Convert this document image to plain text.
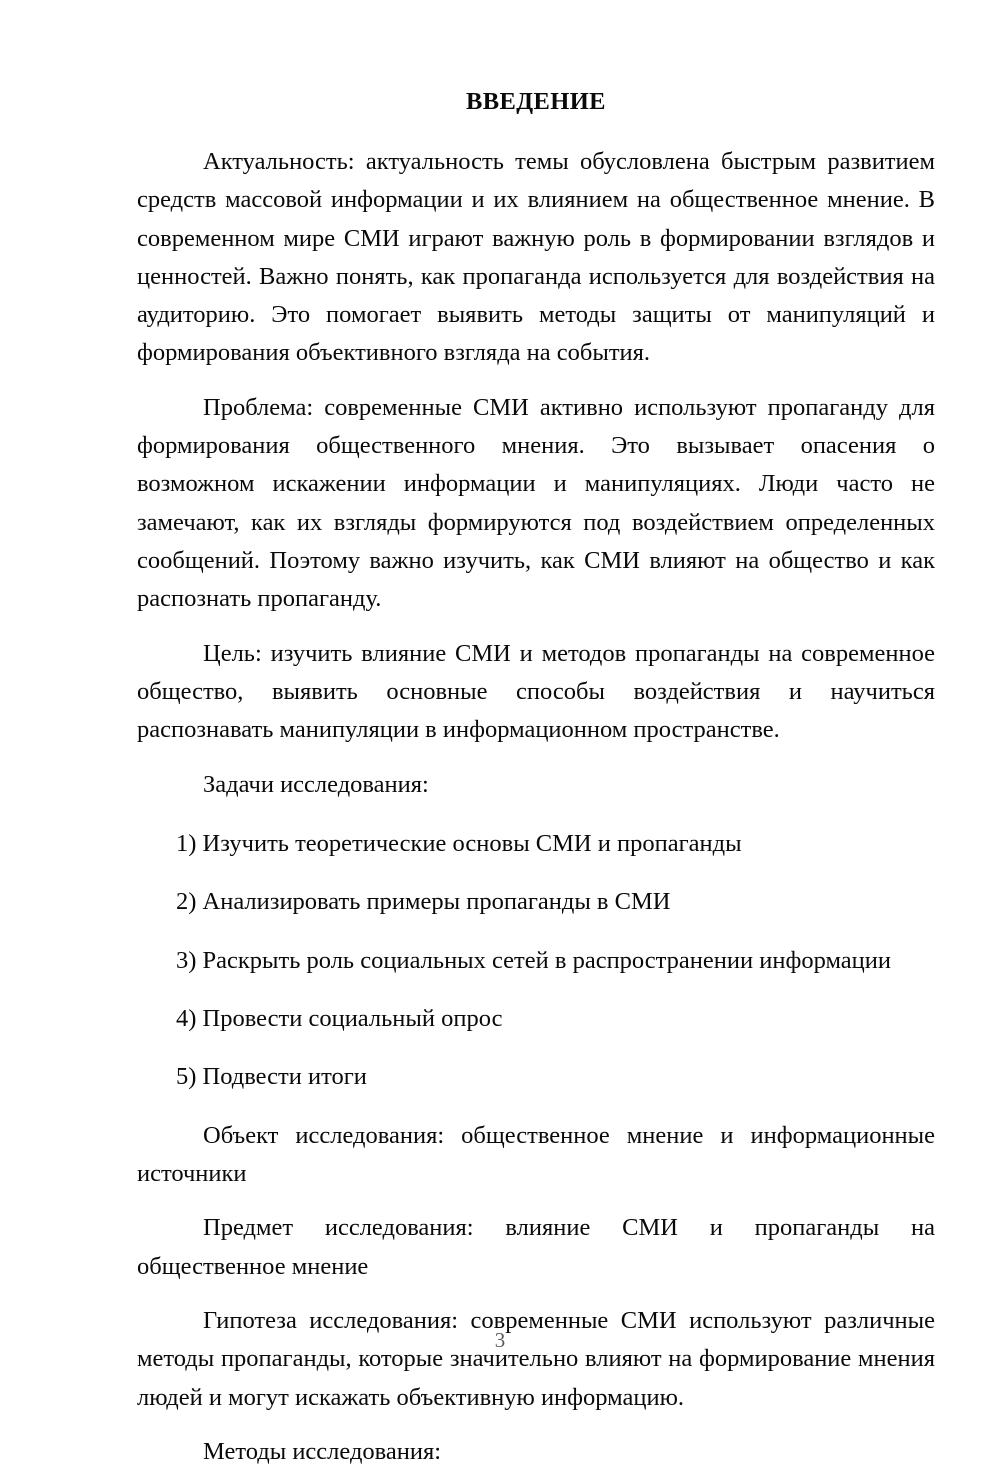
ВВЕДЕНИЕ

Актуальность: актуальность темы обусловлена быстрым развитием средств массовой информации и их влиянием на общественное мнение. В современном мире СМИ играют важную роль в формировании взглядов и ценностей. Важно понять, как пропаганда используется для воздействия на аудиторию. Это помогает выявить методы защиты от манипуляций и формирования объективного взгляда на события.

Проблема: современные СМИ активно используют пропаганду для формирования общественного мнения. Это вызывает опасения о возможном искажении информации и манипуляциях. Люди часто не замечают, как их взгляды формируются под воздействием определенных сообщений. Поэтому важно изучить, как СМИ влияют на общество и как распознать пропаганду.

Цель: изучить влияние СМИ и методов пропаганды на современное общество, выявить основные способы воздействия и научиться распознавать манипуляции в информационном пространстве.

Задачи исследования:

1) Изучить теоретические основы СМИ и пропаганды

2) Анализировать примеры пропаганды в СМИ

3) Раскрыть роль социальных сетей в распространении информации

4) Провести социальный опрос

5) Подвести итоги

Объект исследования: общественное мнение и информационные источники

Предмет исследования: влияние СМИ и пропаганды на общественное мнение

Гипотеза исследования: современные СМИ используют различные методы пропаганды, которые значительно влияют на формирование мнения людей и могут искажать объективную информацию.

Методы исследования:

3
